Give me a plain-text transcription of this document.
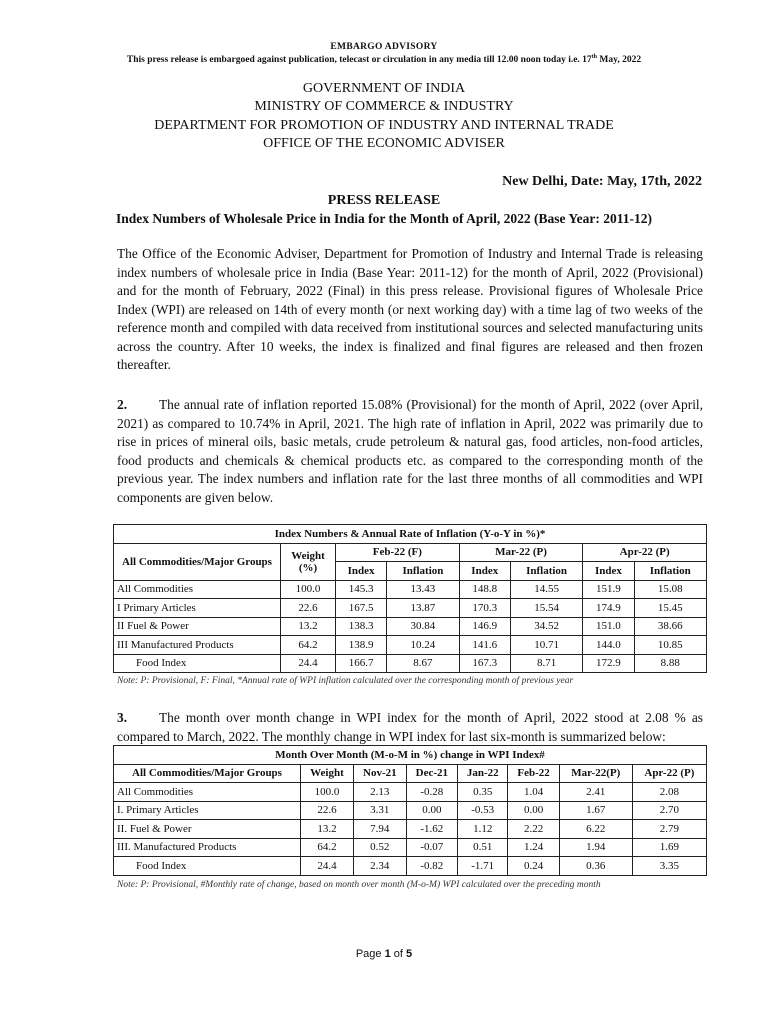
EMBARGO ADVISORY
This press release is embargoed against publication, telecast or circulation in any media till 12.00 noon today i.e. 17th May, 2022
GOVERNMENT OF INDIA
MINISTRY OF COMMERCE & INDUSTRY
DEPARTMENT FOR PROMOTION OF INDUSTRY AND INTERNAL TRADE
OFFICE OF THE ECONOMIC ADVISER
New Delhi, Date: May, 17th, 2022
PRESS RELEASE
Index Numbers of Wholesale Price in India for the Month of April, 2022 (Base Year: 2011-12)
The Office of the Economic Adviser, Department for Promotion of Industry and Internal Trade is releasing index numbers of wholesale price in India (Base Year: 2011-12) for the month of April, 2022 (Provisional) and for the month of February, 2022 (Final) in this press release. Provisional figures of Wholesale Price Index (WPI) are released on 14th of every month (or next working day) with a time lag of two weeks of the reference month and compiled with data received from institutional sources and selected manufacturing units across the country. After 10 weeks, the index is finalized and final figures are released and then frozen thereafter.
2. The annual rate of inflation reported 15.08% (Provisional) for the month of April, 2022 (over April, 2021) as compared to 10.74% in April, 2021. The high rate of inflation in April, 2022 was primarily due to rise in prices of mineral oils, basic metals, crude petroleum & natural gas, food articles, non-food articles, food products and chemicals & chemical products etc. as compared to the corresponding month of the previous year. The index numbers and inflation rate for the last three months of all commodities and WPI components are given below.
Index Numbers & Annual Rate of Inflation (Y-o-Y in %)*							
All Commodities/Major Groups	Weight (%)	Feb-22 (F)		Mar-22 (P)		Apr-22 (P)	
		Index	Inflation	Index	Inflation	Index	Inflation
All Commodities	100.0	145.3	13.43	148.8	14.55	151.9	15.08
I Primary Articles	22.6	167.5	13.87	170.3	15.54	174.9	15.45
II Fuel & Power	13.2	138.3	30.84	146.9	34.52	151.0	38.66
III Manufactured Products	64.2	138.9	10.24	141.6	10.71	144.0	10.85
Food Index	24.4	166.7	8.67	167.3	8.71	172.9	8.88
Note: P: Provisional, F: Final, *Annual rate of WPI inflation calculated over the corresponding month of previous year
3. The month over month change in WPI index for the month of April, 2022 stood at 2.08 % as compared to March, 2022. The monthly change in WPI index for last six-month is summarized below:
Month Over Month (M-o-M in %) change in WPI Index#							
All Commodities/Major Groups	Weight	Nov-21	Dec-21	Jan-22	Feb-22	Mar-22(P)	Apr-22 (P)
All Commodities	100.0	2.13	-0.28	0.35	1.04	2.41	2.08
I. Primary Articles	22.6	3.31	0.00	-0.53	0.00	1.67	2.70
II. Fuel & Power	13.2	7.94	-1.62	1.12	2.22	6.22	2.79
III. Manufactured Products	64.2	0.52	-0.07	0.51	1.24	1.94	1.69
Food Index	24.4	2.34	-0.82	-1.71	0.24	0.36	3.35
Note: P: Provisional, #Monthly rate of change, based on month over month (M-o-M) WPI calculated over the preceding month
Page 1 of 5
